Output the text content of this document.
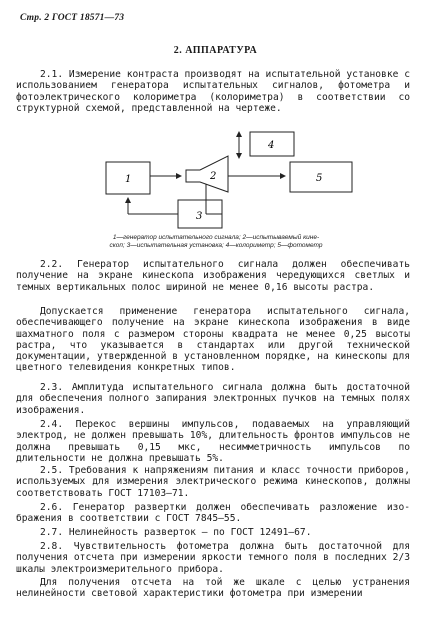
Стр. 2 ГОСТ 18571—73
2. АППАРАТУРА
2.1. Измерение контраста производят на испытательной установке с использованием генератора испытательных сигналов, фотометра и фотоэлектрического колориметра (колориметра) в соответствии со структурной схемой, представленной на чертеже.
1	2	5
4
3
1—генератор испытательного сигнала; 2—испытываемый кине-
скоп; 3—испытательная установка; 4—колориметр; 5—фотометр
2.2. Генератор испытательного сигнала должен обеспечивать получение на экране кинескопа изображения чередующихся светлых и темных вертикальных полос шириной не менее 0,16 высоты растра.
Допускается применение генератора испытательного сигнала, обеспечивающего получение на экране кинескопа изображения в виде шахматного поля с размером стороны квадрата не менее 0,25 высоты растра, что указывается в стандартах или другой технической документации, утвержденной в установленном порядке, на кинескопы для цветного телевидения конкретных типов.
2.3. Амплитуда испытательного сигнала должна быть достаточной для обеспечения полного запирания электронных пучков на темных полях изображения.
2.4. Перекос вершины импульсов, подаваемых на управляющий электрод, не должен превышать 10%, длительность фронтов импульсов не должна превышать 0,15 мкс, несимметричность импульсов по длительности не должна превышать 5%.
2.5. Требования к напряжениям питания и класс точности приборов, используемых для измерения электрического режима кинескопов, должны соответствовать ГОСТ 17103—71.
2.6. Генератор развертки должен обеспечивать разложение изображения в соответствии с ГОСТ 7845—55.
2.7. Нелинейность разверток — по ГОСТ 12491—67.
2.8. Чувствительность фотометра должна быть достаточной для получения отсчета при измерении яркости темного поля в последних 2/3 шкалы электроизмерительного прибора.
Для получения отсчета на той же шкале с целью устранения нелинейности световой характеристики фотометра при измерении
